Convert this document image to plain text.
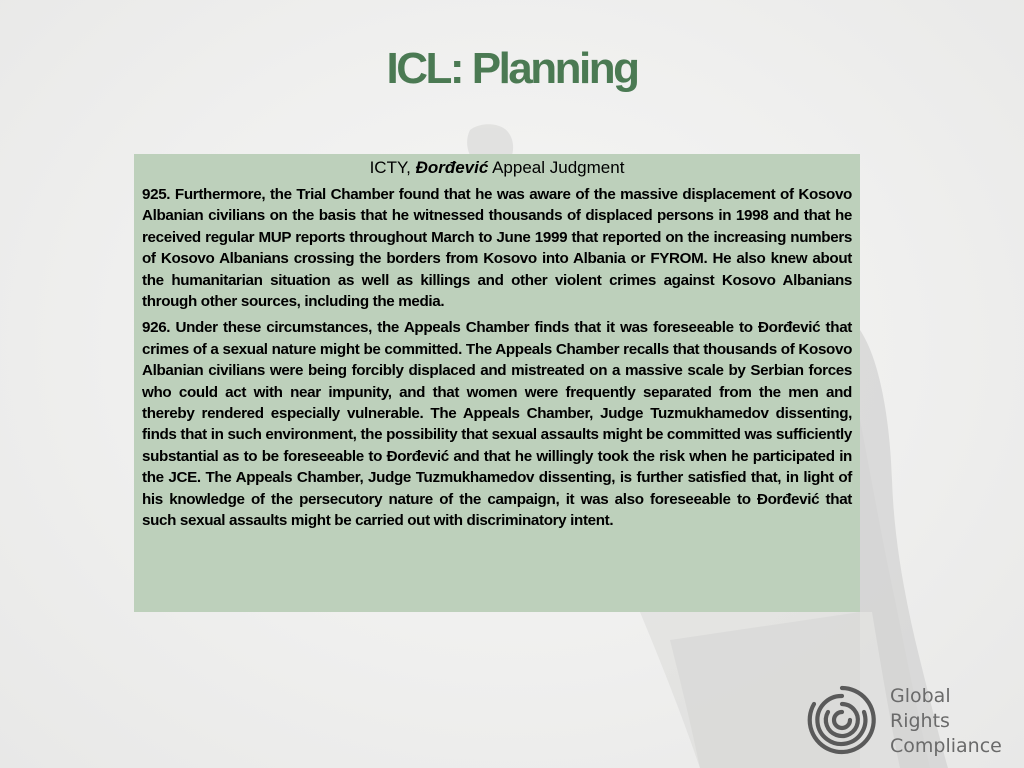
ICL: Planning

ICTY, Đorđević Appeal Judgment

925. Furthermore, the Trial Chamber found that he was aware of the massive displacement of Kosovo Albanian civilians on the basis that he witnessed thousands of displaced persons in 1998 and that he received regular MUP reports throughout March to June 1999 that reported on the increasing numbers of Kosovo Albanians crossing the borders from Kosovo into Albania or FYROM. He also knew about the humanitarian situation as well as killings and other violent crimes against Kosovo Albanians through other sources, including the media.

926. Under these circumstances, the Appeals Chamber finds that it was foreseeable to Đorđević that crimes of a sexual nature might be committed. The Appeals Chamber recalls that thousands of Kosovo Albanian civilians were being forcibly displaced and mistreated on a massive scale by Serbian forces who could act with near impunity, and that women were frequently separated from the men and thereby rendered especially vulnerable. The Appeals Chamber, Judge Tuzmukhamedov dissenting, finds that in such environment, the possibility that sexual assaults might be committed was sufficiently substantial as to be foreseeable to Đorđević and that he willingly took the risk when he participated in the JCE. The Appeals Chamber, Judge Tuzmukhamedov dissenting, is further satisfied that, in light of his knowledge of the persecutory nature of the campaign, it was also foreseeable to Đorđević that such sexual assaults might be carried out with discriminatory intent.

Global
Rights
Compliance
